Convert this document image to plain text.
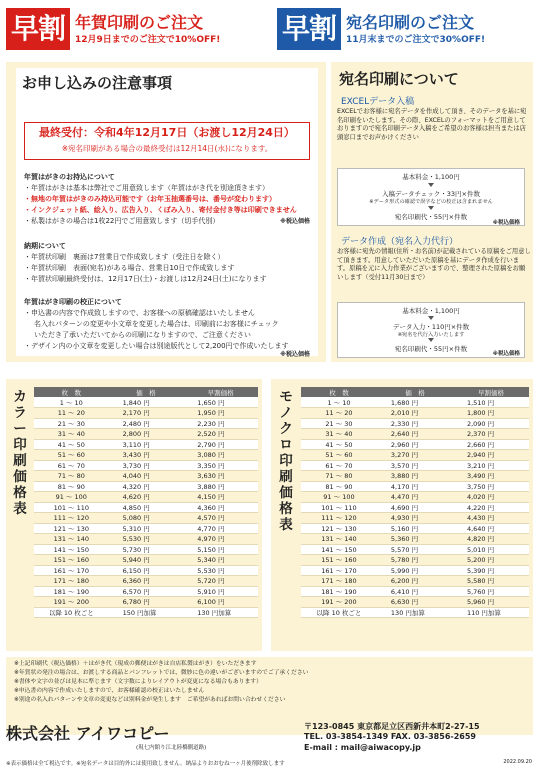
早割 年賀印刷のご注文
12月9日までのご注文で10%OFF! 早割 宛名印刷のご注文
11月末までのご注文で30%OFF!
お申し込みの注意事項
最終受付：令和4年12月17日（お渡し12月24日）
※宛名印刷がある場合の最終受付は12月14日(水)になります。
年賀はがきのお持込について
・年賀はがきは基本は弊社でご用意致します（年賀はがき代を別途頂きます）
・無地の年賀はがきのみ持込可能です（お年玉抽選番号は、番号が変わります）
・インクジェット紙、絵入り、広告入り、くぼみ入り、寄付金付き等は印刷できません
・私製はがきの場合は1枚22円でご用意致します（切手代別）	※税込価格
納期について
・年賀状印刷　裏面は7営業日で作成致します（受注日を除く）
・年賀状印刷　表面(宛名)がある場合、営業日10日で作成致します
・年賀状印刷最終受付は、12月17日(土)・お渡しは12月24日(土)になります
年賀はがき印刷の校正について
・申込書の内容で作成致しますので、お客様への原稿確認はいたしません
名入れパターンの変更や小文章を変更した場合は、印刷前にお客様にチェック
いただき了承いただいてからの印刷になりますので、ご注意ください
・デザイン内の小文章を変更したい場合は別途版代として2,200円で作成いたします
※税込価格
宛名印刷について
EXCELデータ入稿
EXCELでお客様に宛名データを作成して頂き、そのデータを基に宛名印刷をいたします。その際、EXCELのフォーマットをご用意しておりますので宛名印刷データ入稿をご希望のお客様は担当または店頭窓口までお声かけください
基本料金・1,100円
入稿データチェック・33円×件数
※データ形式の確認で誤字などの校正は含まれません
宛名印刷代・55円×件数
※税込価格
データ作成（宛名入力代行）
お客様に宛先の情報(住所・お名前)が記載されている原稿をご用意して頂きます。用意していただいた原稿を基にデータ作成を行います。原稿を元に入力作業がございますので、整理された原稿をお願いします（受付11月30日まで）
基本料金・1,100円
データ入力・110円×件数
※宛名を代行入力いたします
宛名印刷代・55円×件数
※税込価格
カラー印刷価格表
枚　数	価　格	早割価格
1 ～ 10	1,840 円	1,650 円
11 ～ 20	2,170 円	1,950 円
21 ～ 30	2,480 円	2,230 円
31 ～ 40	2,800 円	2,520 円
41 ～ 50	3,110 円	2,790 円
51 ～ 60	3,430 円	3,080 円
61 ～ 70	3,730 円	3,350 円
71 ～ 80	4,040 円	3,630 円
81 ～ 90	4,320 円	3,880 円
91 ～ 100	4,620 円	4,150 円
101 ～ 110	4,850 円	4,360 円
111 ～ 120	5,080 円	4,570 円
121 ～ 130	5,310 円	4,770 円
131 ～ 140	5,530 円	4,970 円
141 ～ 150	5,730 円	5,150 円
151 ～ 160	5,940 円	5,340 円
161 ～ 170	6,150 円	5,530 円
171 ～ 180	6,360 円	5,720 円
181 ～ 190	6,570 円	5,910 円
191 ～ 200	6,780 円	6,100 円
以降 10 枚ごと	150 円加算	130 円加算
モノクロ印刷価格表
枚　数	価　格	早割価格
1 ～ 10	1,680 円	1,510 円
11 ～ 20	2,010 円	1,800 円
21 ～ 30	2,330 円	2,090 円
31 ～ 40	2,640 円	2,370 円
41 ～ 50	2,960 円	2,660 円
51 ～ 60	3,270 円	2,940 円
61 ～ 70	3,570 円	3,210 円
71 ～ 80	3,880 円	3,490 円
81 ～ 90	4,170 円	3,750 円
91 ～ 100	4,470 円	4,020 円
101 ～ 110	4,690 円	4,220 円
111 ～ 120	4,930 円	4,430 円
121 ～ 130	5,160 円	4,640 円
131 ～ 140	5,360 円	4,820 円
141 ～ 150	5,570 円	5,010 円
151 ～ 160	5,780 円	5,200 円
161 ～ 170	5,990 円	5,390 円
171 ～ 180	6,200 円	5,580 円
181 ～ 190	6,410 円	5,760 円
191 ～ 200	6,630 円	5,960 円
以降 10 枚ごと	130 円加算	110 円加算
※上記印刷代（税込価格）＋はがき代（現成の郵便はがきは自店私製はがき）をいただきます
※年賀状の発注の場合は、お渡しする商品とパンフレットでは、微妙に色の違いがございますのでご了承ください
※書体や文字の並びは見本に準じます（文字数によりレイアウトが変更になる場合もあります）
※申込書の内容で作成いたしますので、お客様確認の校正はいたしません
※別途の名入れパターンや文章の変更などは別料金が発生します　ご希望があればお問い合わせください
株式会社 アイワコピー
(現七内館り江北陸橋側道路)
〒123-0845 東京都足立区西新井本町2-27-15
TEL. 03-3854-1349 FAX. 03-3856-2659
E-mail : mail@aiwacopy.jp
※表示価格は全て税込です。※宛名データは目的外には使用致しません。納品よりおおむね一ヶ月後削除致します	2022.09.20
